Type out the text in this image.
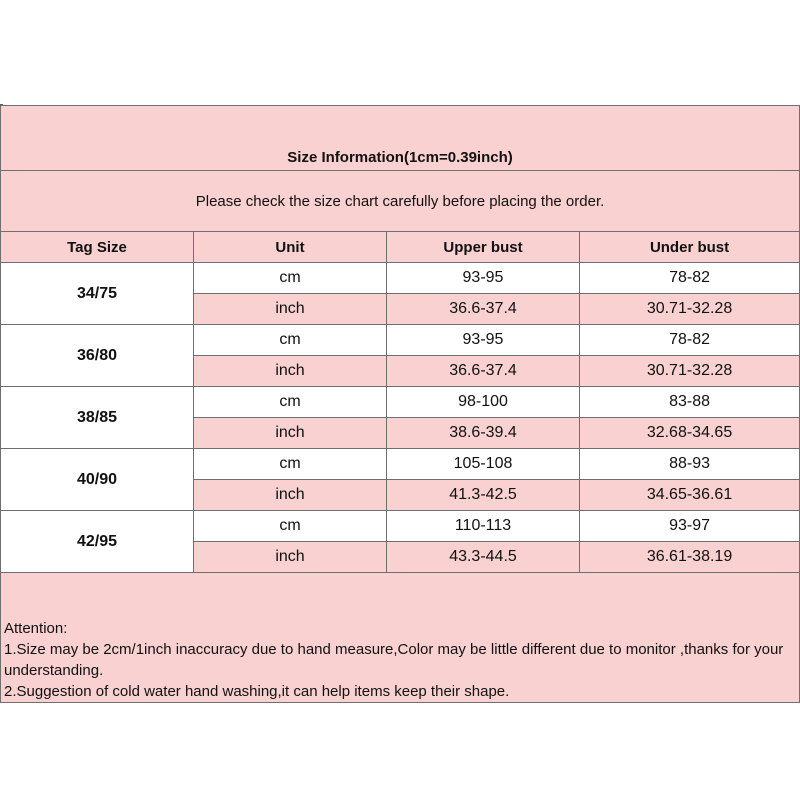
Size Information(1cm=0.39inch)			
Please check the size chart carefully before placing the order.			
Tag Size	Unit	Upper bust	Under bust
34/75	cm	93-95	78-82
	inch	36.6-37.4	30.71-32.28
36/80	cm	93-95	78-82
	inch	36.6-37.4	30.71-32.28
38/85	cm	98-100	83-88
	inch	38.6-39.4	32.68-34.65
40/90	cm	105-108	88-93
	inch	41.3-42.5	34.65-36.61
42/95	cm	110-113	93-97
	inch	43.3-44.5	36.61-38.19

Attention:
1.Size may be 2cm/1inch inaccuracy due to hand measure,Color may be little different due to monitor ,thanks for your understanding.
2.Suggestion of cold water hand washing,it can help items keep their shape.			
